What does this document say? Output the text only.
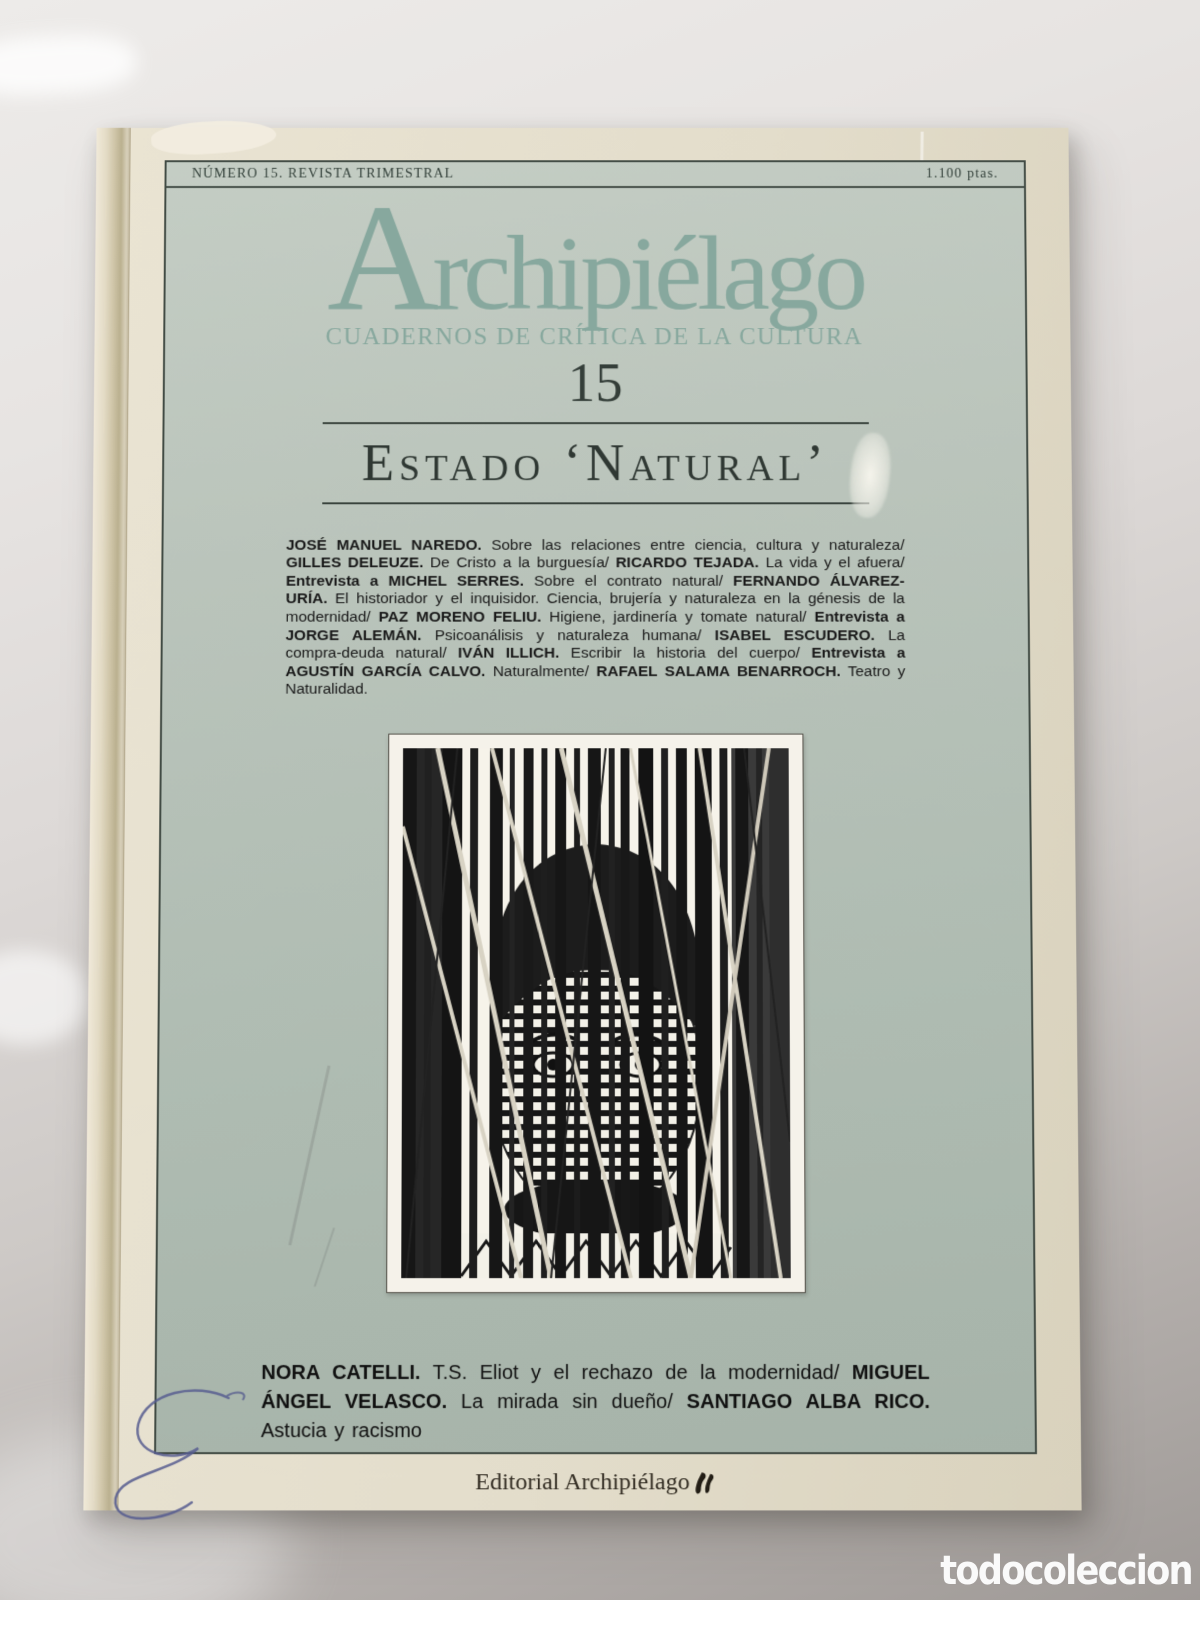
NÚMERO 15. REVISTA TRIMESTRAL	1.100 ptas.
A
rchipiélago
CUADERNOS DE CRÍTICA DE LA CULTURA
15
Estado ‘Natural’

JOSÉ MANUEL NAREDO. Sobre las relaciones entre ciencia, cultura y naturaleza/ GILLES DELEUZE. De Cristo a la burguesía/ RICARDO TEJADA. La vida y el afuera/ Entrevista a MICHEL SERRES. Sobre el contrato natural/ FERNANDO ÁLVAREZ-URÍA. El historiador y el inquisidor. Ciencia, brujería y naturaleza en la génesis de la modernidad/ PAZ MORENO FELIU. Higiene, jardinería y tomate natural/ Entrevista a JORGE ALEMÁN. Psicoanálisis y naturaleza humana/ ISABEL ESCUDERO. La compra-deuda natural/ IVÁN ILLICH. Escribir la historia del cuerpo/ Entrevista a AGUSTÍN GARCÍA CALVO. Naturalmente/ RAFAEL SALAMA BENARROCH. Teatro y Naturalidad.

NORA CATELLI. T.S. Eliot y el rechazo de la modernidad/ MIGUEL ÁNGEL VELASCO. La mirada sin dueño/ SANTIAGO ALBA RICO. Astucia y racismo

Editorial Archipiélago
todocoleccion
